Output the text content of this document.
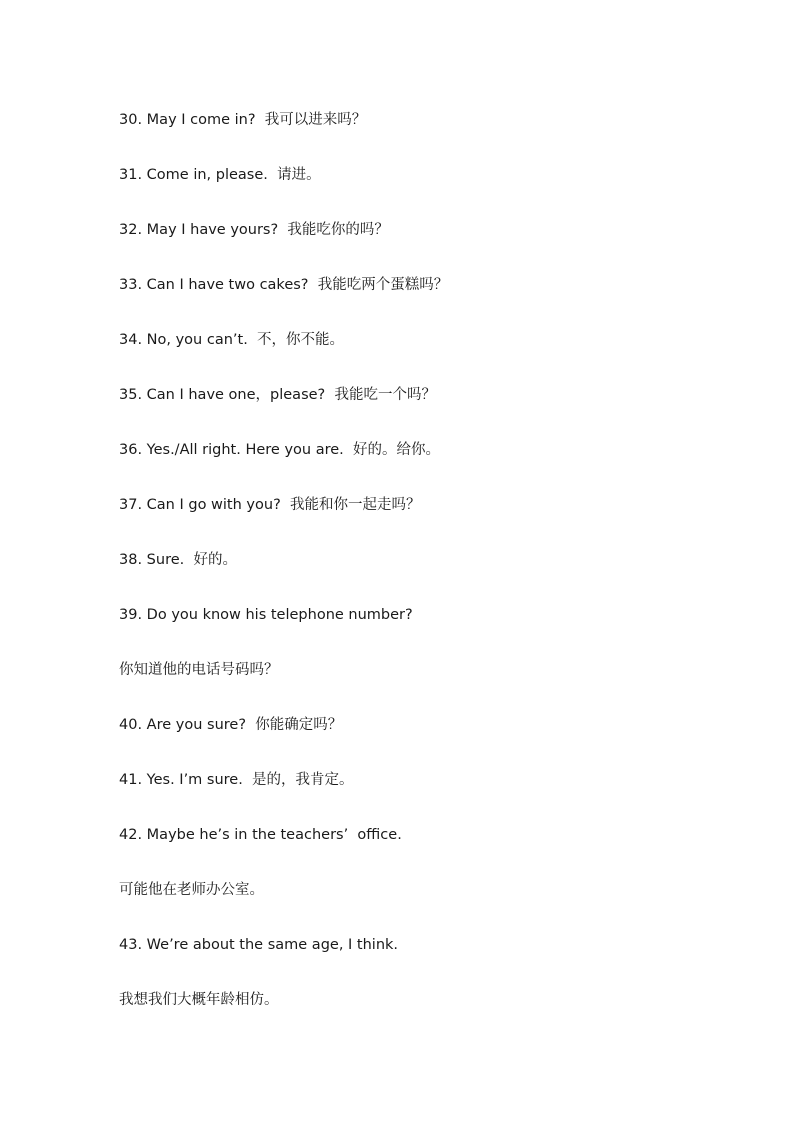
30. May I come in?  我可以进来吗？
31. Come in, please.  请进。
32. May I have yours?  我能吃你的吗？
33. Can I have two cakes?  我能吃两个蛋糕吗？
34. No, you can’t.  不，你不能。
35. Can I have one，please?  我能吃一个吗？
36. Yes./All right. Here you are.  好的。给你。
37. Can I go with you?  我能和你一起走吗？
38. Sure.  好的。
39. Do you know his telephone number?
你知道他的电话号码吗？
40. Are you sure?  你能确定吗？
41. Yes. I’m sure.  是的，我肯定。
42. Maybe he’s in the teachers’  office.
可能他在老师办公室。
43. We’re about the same age, I think.
我想我们大概年龄相仿。
